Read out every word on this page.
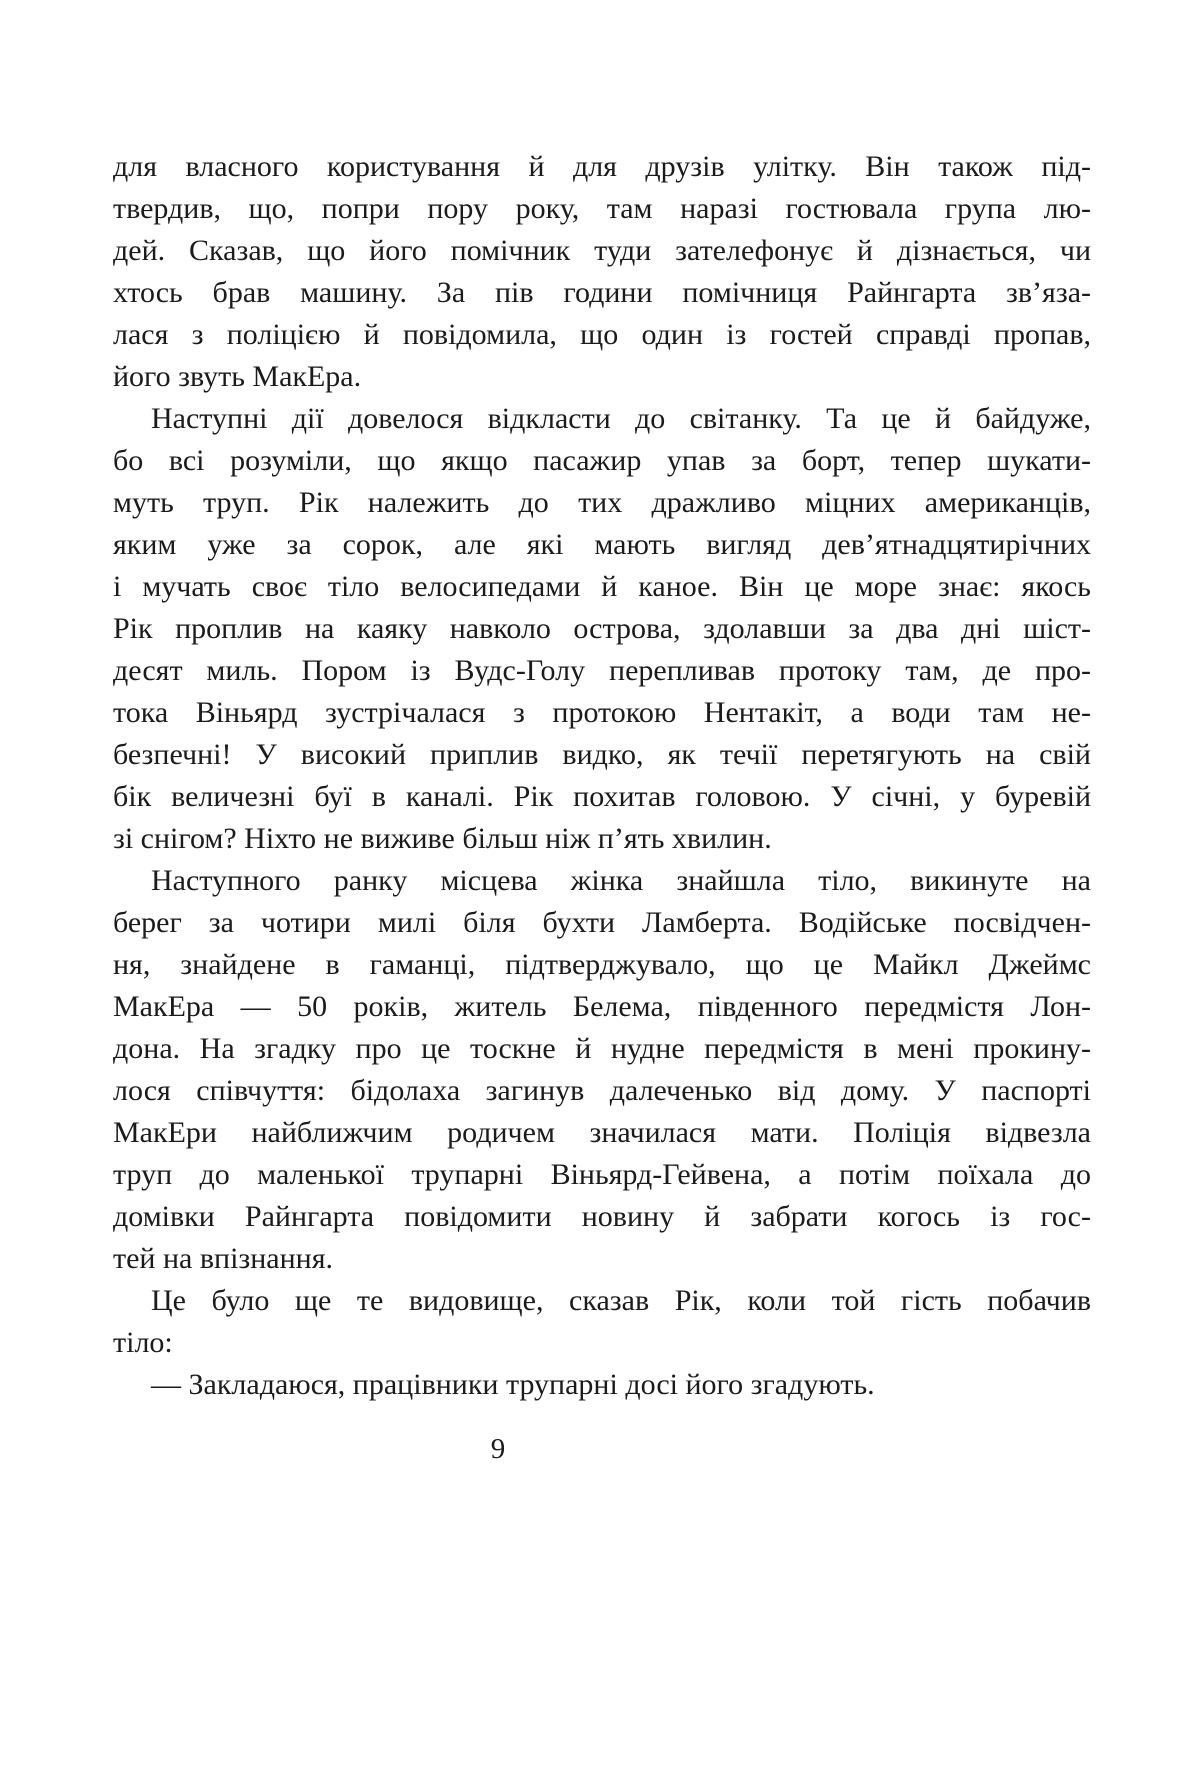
для власного користування й для друзів улітку. Він також під-
твердив, що, попри пору року, там наразі гостювала група лю-
дей. Сказав, що його помічник туди зателефонує й дізнається, чи
хтось брав машину. За пів години помічниця Райнгарта зв’яза-
лася з поліцією й повідомила, що один із гостей справді пропав,
його звуть МакЕра.
Наступні дії довелося відкласти до світанку. Та це й байдуже,
бо всі розуміли, що якщо пасажир упав за борт, тепер шукати-
муть труп. Рік належить до тих дражливо міцних американців,
яким уже за сорок, але які мають вигляд дев’ятнадцятирічних
і мучать своє тіло велосипедами й каное. Він це море знає: якось
Рік проплив на каяку навколо острова, здолавши за два дні шіст-
десят миль. Пором із Вудс-Голу перепливав протоку там, де про-
тока Віньярд зустрічалася з протокою Нентакіт, а води там не-
безпечні! У високий приплив видко, як течії перетягують на свій
бік величезні буї в каналі. Рік похитав головою. У січні, у буревій
зі снігом? Ніхто не виживе більш ніж п’ять хвилин.
Наступного ранку місцева жінка знайшла тіло, викинуте на
берег за чотири милі біля бухти Ламберта. Водійське посвідчен-
ня, знайдене в гаманці, підтверджувало, що це Майкл Джеймс
МакЕра — 50 років, житель Белема, південного передмістя Лон-
дона. На згадку про це тоскне й нудне передмістя в мені прокину-
лося співчуття: бідолаха загинув далеченько від дому. У паспорті
МакЕри найближчим родичем значилася мати. Поліція відвезла
труп до маленької трупарні Віньярд-Гейвена, а потім поїхала до
домівки Райнгарта повідомити новину й забрати когось із гос-
тей на впізнання.
Це було ще те видовище, сказав Рік, коли той гість побачив
тіло:
— Закладаюся, працівники трупарні досі його згадують.
9
